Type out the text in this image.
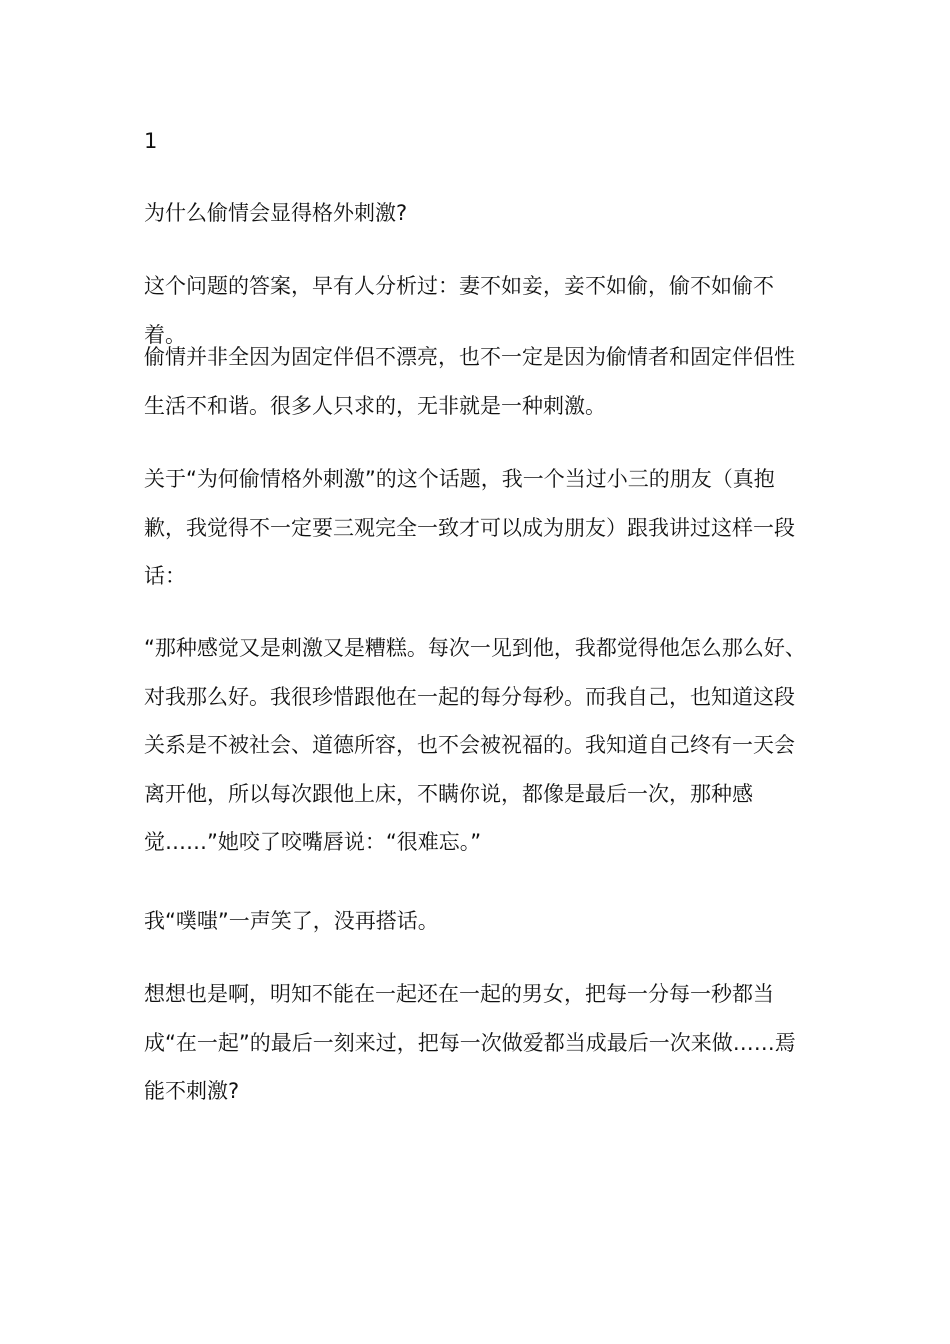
1

为什么偷情会显得格外刺激?

这个问题的答案，早有人分析过：妻不如妾，妾不如偷，偷不如偷不着。

偷情并非全因为固定伴侣不漂亮，也不一定是因为偷情者和固定伴侣性生活不和谐。很多人只求的，无非就是一种刺激。

关于“为何偷情格外刺激”的这个话题，我一个当过小三的朋友（真抱歉，我觉得不一定要三观完全一致才可以成为朋友）跟我讲过这样一段话：

“那种感觉又是刺激又是糟糕。每次一见到他，我都觉得他怎么那么好、对我那么好。我很珍惜跟他在一起的每分每秒。而我自己，也知道这段关系是不被社会、道德所容，也不会被祝福的。我知道自己终有一天会离开他，所以每次跟他上床，不瞒你说，都像是最后一次，那种感觉……”她咬了咬嘴唇说：“很难忘。”

我“噗嗤”一声笑了，没再搭话。

想想也是啊，明知不能在一起还在一起的男女，把每一分每一秒都当成“在一起”的最后一刻来过，把每一次做爱都当成最后一次来做……焉能不刺激?
